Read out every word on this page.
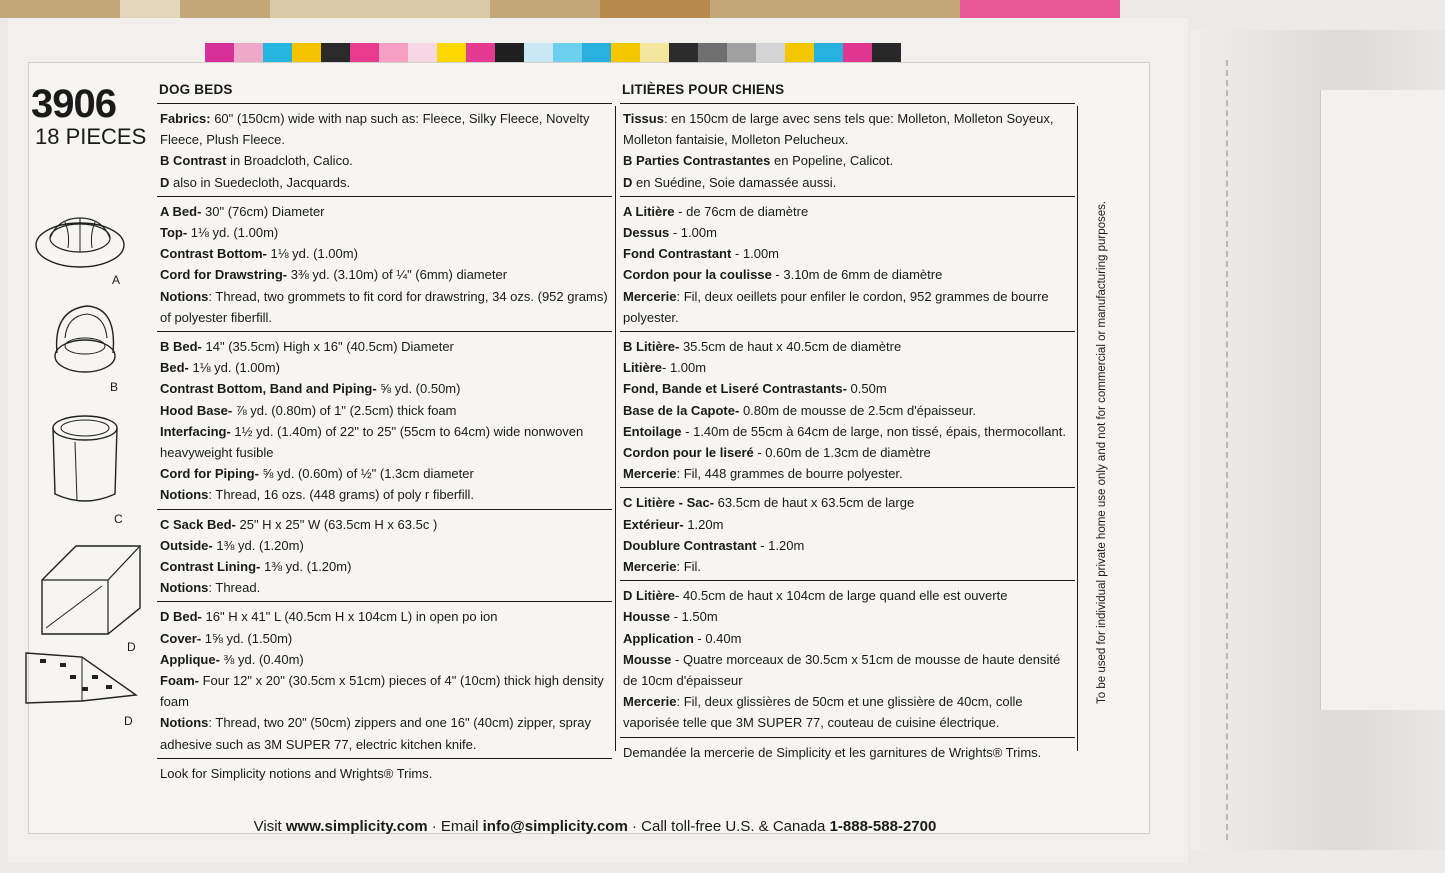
3906
18 PIECES
A
B
C
D
D
DOG BEDS
Fabrics: 60" (150cm) wide with nap such as: Fleece, Silky Fleece, Novelty Fleece, Plush Fleece.
B Contrast in Broadcloth, Calico.
D also in Suedecloth, Jacquards.
A Bed- 30" (76cm) Diameter
Top- 1⅛ yd. (1.00m)
Contrast Bottom- 1⅛ yd. (1.00m)
Cord for Drawstring- 3⅜ yd. (3.10m) of ¼" (6mm) diameter
Notions: Thread, two grommets to fit cord for drawstring, 34 ozs. (952 grams) of polyester fiberfill.
B Bed- 14" (35.5cm) High x 16" (40.5cm) Diameter
Bed- 1⅛ yd. (1.00m)
Contrast Bottom, Band and Piping- ⅝ yd. (0.50m)
Hood Base- ⅞ yd. (0.80m) of 1" (2.5cm) thick foam
Interfacing- 1½ yd. (1.40m) of 22" to 25" (55cm to 64cm) wide nonwoven heavyweight fusible
Cord for Piping- ⅝ yd. (0.60m) of ½" (1.3cm diameter
Notions: Thread, 16 ozs. (448 grams) of poly r fiberfill.
C Sack Bed- 25" H x 25" W (63.5cm H x 63.5c )
Outside- 1⅜ yd. (1.20m)
Contrast Lining- 1⅜ yd. (1.20m)
Notions: Thread.
D Bed- 16" H x 41" L (40.5cm H x 104cm L) in open po ion
Cover- 1⅝ yd. (1.50m)
Applique- ⅜ yd. (0.40m)
Foam- Four 12" x 20" (30.5cm x 51cm) pieces of 4" (10cm) thick high density foam
Notions: Thread, two 20" (50cm) zippers and one 16" (40cm) zipper, spray adhesive such as 3M SUPER 77, electric kitchen knife.
Look for Simplicity notions and Wrights® Trims.
LITIÈRES POUR CHIENS
Tissus: en 150cm de large avec sens tels que: Molleton, Molleton Soyeux, Molleton fantaisie, Molleton Pelucheux.
B Parties Contrastantes en Popeline, Calicot.
D en Suédine, Soie damassée aussi.
A Litière - de 76cm de diamètre
Dessus - 1.00m
Fond Contrastant - 1.00m
Cordon pour la coulisse - 3.10m de 6mm de diamètre
Mercerie: Fil, deux oeillets pour enfiler le cordon, 952 grammes de bourre polyester.
B Litière- 35.5cm de haut x 40.5cm de diamètre
Litière- 1.00m
Fond, Bande et Liseré Contrastants- 0.50m
Base de la Capote- 0.80m de mousse de 2.5cm d'épaisseur.
Entoilage - 1.40m de 55cm à 64cm de large, non tissé, épais, thermocollant.
Cordon pour le liseré - 0.60m de 1.3cm de diamètre
Mercerie: Fil, 448 grammes de bourre polyester.
C Litière - Sac- 63.5cm de haut x 63.5cm de large
Extérieur- 1.20m
Doublure Contrastant - 1.20m
Mercerie: Fil.
D Litière- 40.5cm de haut x 104cm de large quand elle est ouverte
Housse - 1.50m
Application - 0.40m
Mousse - Quatre morceaux de 30.5cm x 51cm de mousse de haute densité de 10cm d'épaisseur
Mercerie: Fil, deux glissières de 50cm et une glissière de 40cm, colle vaporisée telle que 3M SUPER 77, couteau de cuisine électrique.
Demandée la mercerie de Simplicity et les garnitures de Wrights® Trims.
To be used for individual private home use only and not for commercial or manufacturing purposes.
Visit www.simplicity.com · Email info@simplicity.com · Call toll-free U.S. & Canada 1-888-588-2700
